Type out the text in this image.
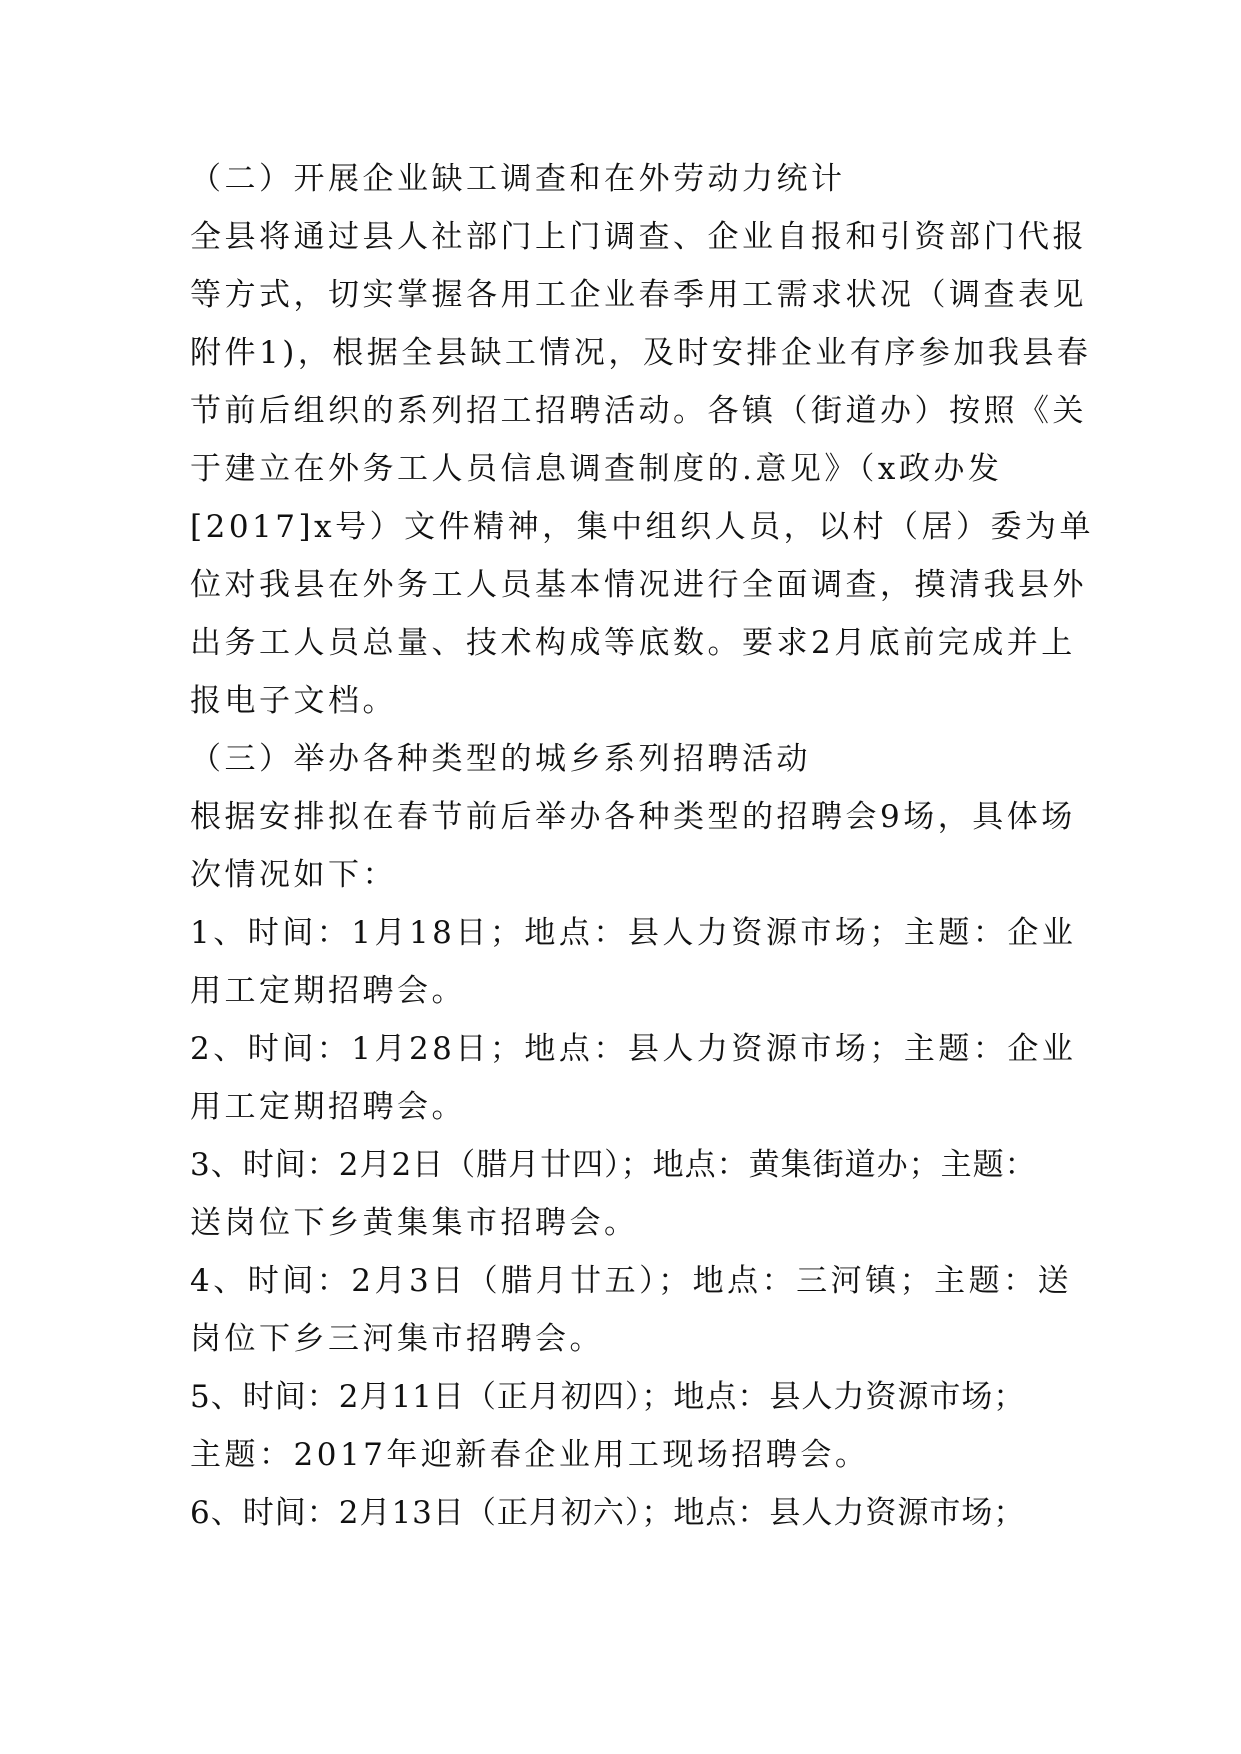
（二）开展企业缺工调查和在外劳动力统计
全县将通过县人社部门上门调查、企业自报和引资部门代报
等方式，切实掌握各用工企业春季用工需求状况（调查表见
附件1)，根据全县缺工情况，及时安排企业有序参加我县春
节前后组织的系列招工招聘活动。各镇（街道办）按照《关
于建立在外务工人员信息调查制度的.意见》（x政办发
[2017]x号）文件精神，集中组织人员，以村（居）委为单
位对我县在外务工人员基本情况进行全面调查，摸清我县外
出务工人员总量、技术构成等底数。要求2月底前完成并上
报电子文档。
（三）举办各种类型的城乡系列招聘活动
根据安排拟在春节前后举办各种类型的招聘会9场，具体场
次情况如下：
1、时间：1月18日；地点：县人力资源市场；主题：企业
用工定期招聘会。
2、时间：1月28日；地点：县人力资源市场；主题：企业
用工定期招聘会。
3、时间：2月2日（腊月廿四）；地点：黄集街道办；主题：
送岗位下乡黄集集市招聘会。
4、时间：2月3日（腊月廿五）；地点：三河镇；主题：送
岗位下乡三河集市招聘会。
5、时间：2月11日（正月初四）；地点：县人力资源市场；
主题：2017年迎新春企业用工现场招聘会。
6、时间：2月13日（正月初六）；地点：县人力资源市场；
